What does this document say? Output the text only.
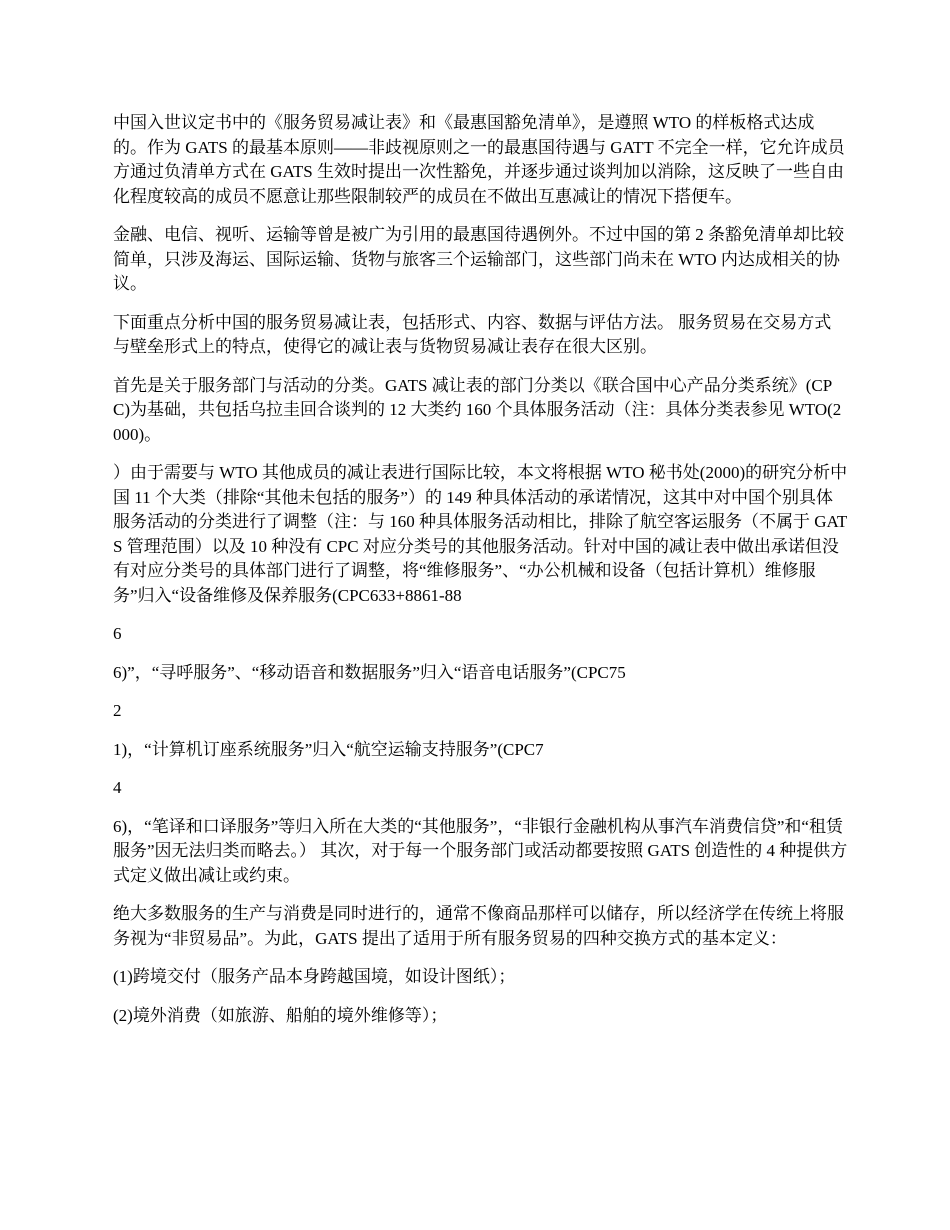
中国入世议定书中的《服务贸易减让表》和《最惠国豁免清单》，是遵照 WTO 的样板格式达成的。作为 GATS 的最基本原则——非歧视原则之一的最惠国待遇与 GATT 不完全一样，它允许成员方通过负清单方式在 GATS 生效时提出一次性豁免，并逐步通过谈判加以消除，这反映了一些自由化程度较高的成员不愿意让那些限制较严的成员在不做出互惠减让的情况下搭便车。

金融、电信、视听、运输等曾是被广为引用的最惠国待遇例外。不过中国的第 2 条豁免清单却比较简单，只涉及海运、国际运输、货物与旅客三个运输部门，这些部门尚未在 WTO 内达成相关的协议。

下面重点分析中国的服务贸易减让表，包括形式、内容、数据与评估方法。 服务贸易在交易方式与壁垒形式上的特点，使得它的减让表与货物贸易减让表存在很大区别。

首先是关于服务部门与活动的分类。GATS 减让表的部门分类以《联合国中心产品分类系统》(CPC)为基础，共包括乌拉圭回合谈判的 12 大类约 160 个具体服务活动（注：具体分类表参见 WTO(2000)。

）由于需要与 WTO 其他成员的减让表进行国际比较，本文将根据 WTO 秘书处(2000)的研究分析中国 11 个大类（排除“其他未包括的服务”）的 149 种具体活动的承诺情况，这其中对中国个别具体服务活动的分类进行了调整（注：与 160 种具体服务活动相比，排除了航空客运服务（不属于 GATS 管理范围）以及 10 种没有 CPC 对应分类号的其他服务活动。针对中国的减让表中做出承诺但没有对应分类号的具体部门进行了调整，将“维修服务”、“办公机械和设备（包括计算机）维修服务”归入“设备维修及保养服务(CPC633+8861-88

6

6)”，“寻呼服务”、“移动语音和数据服务”归入“语音电话服务”(CPC75

2

1)，“计算机订座系统服务”归入“航空运输支持服务”(CPC7

4

6)，“笔译和口译服务”等归入所在大类的“其他服务”，“非银行金融机构从事汽车消费信贷”和“租赁服务”因无法归类而略去。） 其次，对于每一个服务部门或活动都要按照 GATS 创造性的 4 种提供方式定义做出减让或约束。

绝大多数服务的生产与消费是同时进行的，通常不像商品那样可以储存，所以经济学在传统上将服务视为“非贸易品”。为此，GATS 提出了适用于所有服务贸易的四种交换方式的基本定义：

(1)跨境交付（服务产品本身跨越国境，如设计图纸）；

(2)境外消费（如旅游、船舶的境外维修等）；
